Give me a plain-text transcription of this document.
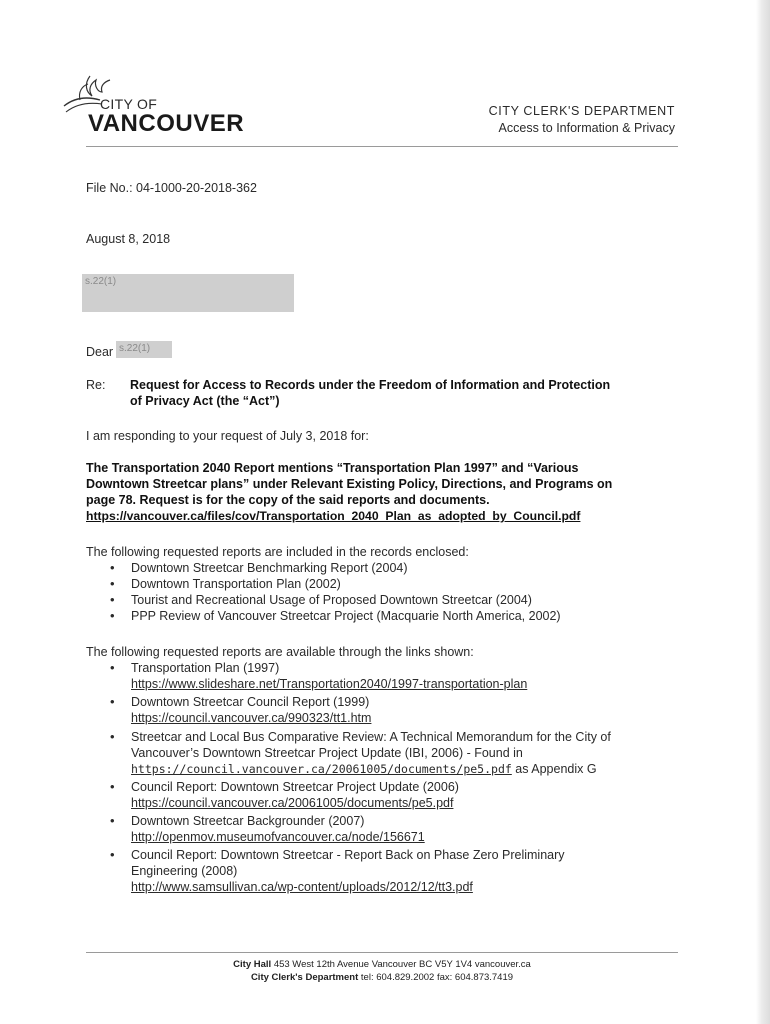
CITY OF
VANCOUVER	CITY CLERK'S DEPARTMENT
Access to Information & Privacy
File No.: 04-1000-20-2018-362
August 8, 2018
s.22(1)
Dear s.22(1)
Re: Request for Access to Records under the Freedom of Information and Protection
of Privacy Act (the “Act”)
I am responding to your request of July 3, 2018 for:
The Transportation 2040 Report mentions “Transportation Plan 1997” and “Various
Downtown Streetcar plans” under Relevant Existing Policy, Directions, and Programs on
page 78. Request is for the copy of the said reports and documents.
https://vancouver.ca/files/cov/Transportation_2040_Plan_as_adopted_by_Council.pdf
The following requested reports are included in the records enclosed:
• Downtown Streetcar Benchmarking Report (2004)
• Downtown Transportation Plan (2002)
• Tourist and Recreational Usage of Proposed Downtown Streetcar (2004)
• PPP Review of Vancouver Streetcar Project (Macquarie North America, 2002)
The following requested reports are available through the links shown:
• Transportation Plan (1997)
https://www.slideshare.net/Transportation2040/1997-transportation-plan
• Downtown Streetcar Council Report (1999)
https://council.vancouver.ca/990323/tt1.htm
• Streetcar and Local Bus Comparative Review: A Technical Memorandum for the City of
Vancouver’s Downtown Streetcar Project Update (IBI, 2006) - Found in
https://council.vancouver.ca/20061005/documents/pe5.pdf as Appendix G
• Council Report: Downtown Streetcar Project Update (2006)
https://council.vancouver.ca/20061005/documents/pe5.pdf
• Downtown Streetcar Backgrounder (2007)
http://openmov.museumofvancouver.ca/node/156671
• Council Report: Downtown Streetcar - Report Back on Phase Zero Preliminary
Engineering (2008)
http://www.samsullivan.ca/wp-content/uploads/2012/12/tt3.pdf
City Hall 453 West 12th Avenue Vancouver BC V5Y 1V4 vancouver.ca
City Clerk's Department tel: 604.829.2002 fax: 604.873.7419
